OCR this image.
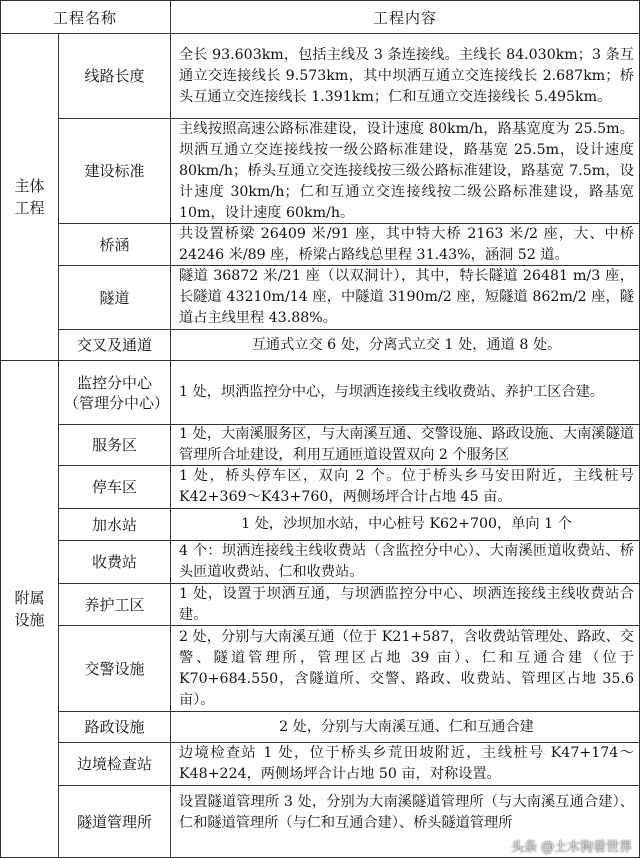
工程名称	工程内容
主体
工程
附属
设施
线路长度
建设标准
桥涵
隧道
交叉及通道
监控分中心（管理分中心）
服务区
停车区
加水站
收费站
养护工区
交警设施
路政设施
边境检查站
隧道管理所
全长 93.603km，包括主线及 3 条连接线。主线长 84.030km；3 条互通立交连接线长 9.573km，其中坝洒互通立交连接线长 2.687km；桥头互通立交连接线长 1.391km；仁和互通立交连接线长 5.495km。
主线按照高速公路标准建设，设计速度 80km/h，路基宽度为 25.5m。坝洒互通立交连接线按一级公路标准建设，路基宽 25.5m，设计速度 80km/h；桥头互通立交连接线按三级公路标准建设，路基宽 7.5m，设计速度 30km/h；仁和互通立交连接线按二级公路标准建设，路基宽 10m，设计速度 60km/h。
共设置桥梁 26409 米/91 座，其中特大桥 2163 米/2 座，大、中桥 24246 米/89 座，桥梁占路线总里程 31.43%，涵洞 52 道。
隧道 36872 米/21 座（以双洞计），其中，特长隧道 26481 m/3 座，长隧道 43210m/14 座，中隧道 3190m/2 座，短隧道 862m/2 座，隧道占主线里程 43.88%。
互通式立交 6 处，分离式立交 1 处，通道 8 处。
1 处，坝洒监控分中心，与坝洒连接线主线收费站、养护工区合建。
1 处，大南溪服务区，与大南溪互通、交警设施、路政设施、大南溪隧道管理所合址建设，利用互通匝道设置双向 2 个服务区
1 处，桥头停车区，双向 2 个。位于桥头乡马安田附近，主线桩号 K42+369～K43+760，两侧场坪合计占地 45 亩。
1 处，沙坝加水站，中心桩号 K62+700，单向 1 个
4 个：坝洒连接线主线收费站（含监控分中心）、大南溪匝道收费站、桥头匝道收费站、仁和收费站。
1 处，设置于坝洒互通，与坝洒监控分中心、坝洒连接线主线收费站合建。
2 处，分别与大南溪互通（位于 K21+587，含收费站管理处、路政、交警、隧道管理所，管理区占地 39 亩）、仁和互通合建（位于 K70+684.550，含隧道所、交警、路政、收费站、管理区占地 35.6 亩）。
2 处，分别与大南溪互通、仁和互通合建
边境检查站 1 处，位于桥头乡荒田坡附近，主线桩号 K47+174～K48+224，两侧场坪合计占地 50 亩，对称设置。
设置隧道管理所 3 处，分别为大南溪隧道管理所（与大南溪互通合建）、仁和隧道管理所（与仁和互通合建）、桥头隧道管理所
头条 @土木狗看世界
